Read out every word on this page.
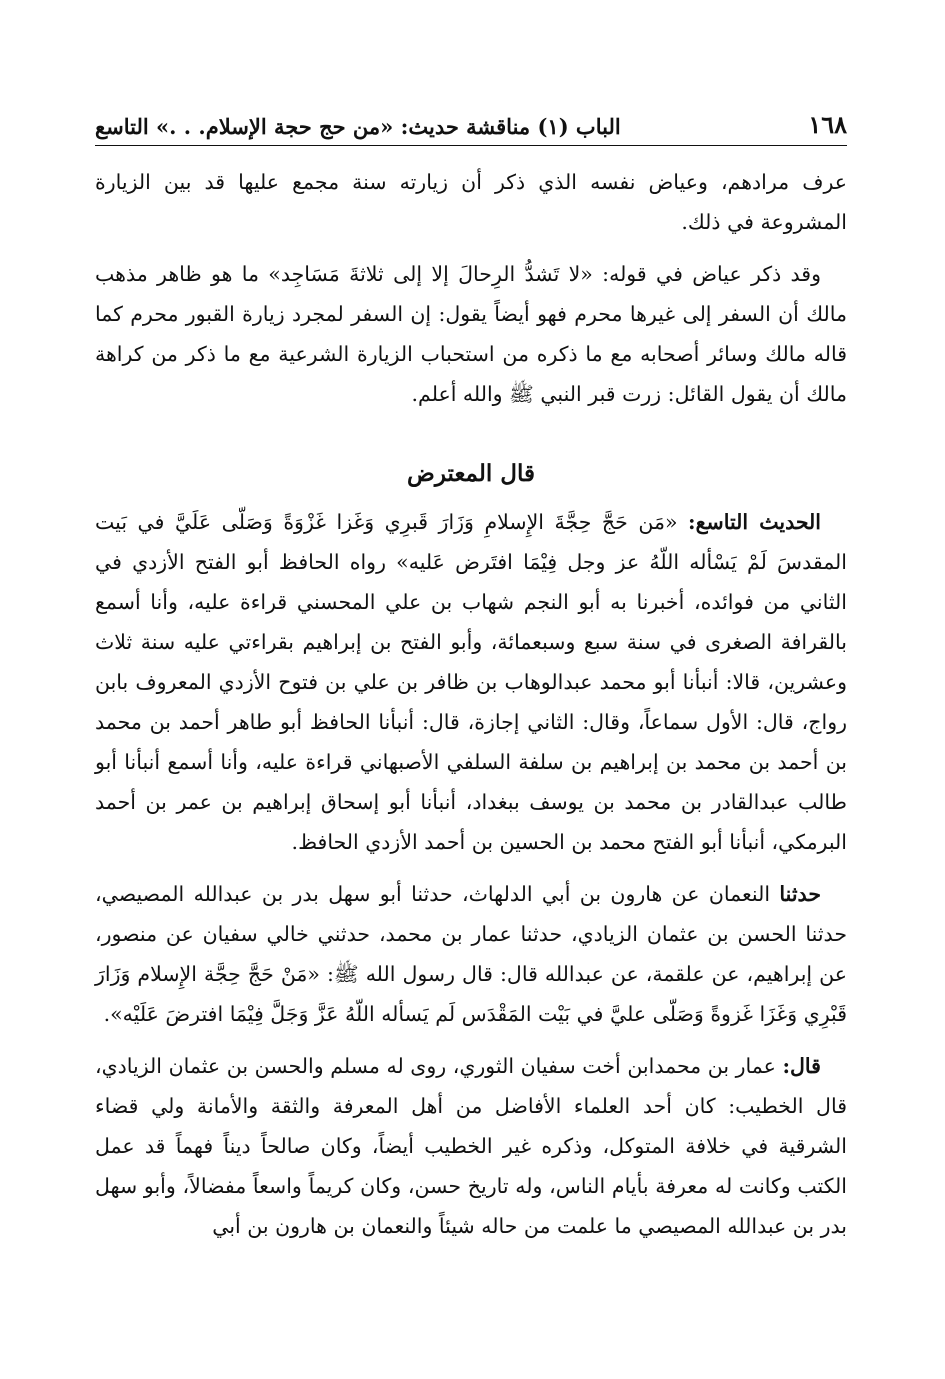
١٦٨
الباب (١) مناقشة حديث: «من حج حجة الإسلام. . .» التاسع

عرف مرادهم، وعياض نفسه الذي ذكر أن زيارته سنة مجمع عليها قد بين الزيارة المشروعة في ذلك.

وقد ذكر عياض في قوله: «لا تَشدُّ الرِحالَ إلا إلى ثلاثةَ مَسَاجِد» ما هو ظاهر مذهب مالك أن السفر إلى غيرها محرم فهو أيضاً يقول: إن السفر لمجرد زيارة القبور محرم كما قاله مالك وسائر أصحابه مع ما ذكره من استحباب الزيارة الشرعية مع ما ذكر من كراهة مالك أن يقول القائل: زرت قبر النبي ﷺ والله أعلم.

قال المعترض

الحديث التاسع: «مَن حَجَّ حِجَّةَ الإِسلامِ وَزَارَ قَبرِي وَغَزا غَزْوَةً وَصَلّى عَلَيَّ في بَيت المقدسَ لَمْ يَسْأله اللّهُ عز وجل فِيْمَا افتَرض عَليه» رواه الحافظ أبو الفتح الأزدي في الثاني من فوائده، أخبرنا به أبو النجم شهاب بن علي المحسني قراءة عليه، وأنا أسمع بالقرافة الصغرى في سنة سبع وسبعمائة، وأبو الفتح بن إبراهيم بقراءتي عليه سنة ثلاث وعشرين، قالا: أنبأنا أبو محمد عبدالوهاب بن ظافر بن علي بن فتوح الأزدي المعروف بابن رواج، قال: الأول سماعاً، وقال: الثاني إجازة، قال: أنبأنا الحافظ أبو طاهر أحمد بن محمد بن أحمد بن محمد بن إبراهيم بن سلفة السلفي الأصبهاني قراءة عليه، وأنا أسمع أنبأنا أبو طالب عبدالقادر بن محمد بن يوسف ببغداد، أنبأنا أبو إسحاق إبراهيم بن عمر بن أحمد البرمكي، أنبأنا أبو الفتح محمد بن الحسين بن أحمد الأزدي الحافظ.

حدثنا النعمان عن هارون بن أبي الدلهاث، حدثنا أبو سهل بدر بن عبدالله المصيصي، حدثنا الحسن بن عثمان الزيادي، حدثنا عمار بن محمد، حدثني خالي سفيان عن منصور، عن إبراهيم، عن علقمة، عن عبدالله قال: قال رسول الله ﷺ: «مَنْ حَجَّ حِجَّة الإِسلام وَزَارَ قَبْرِي وَغَزَا غَزوةً وَصَلّى عليَّ في بَيْت المَقْدَس لَم يَسأله اللّهُ عَزَّ وَجَلَّ فِيْمَا افترضَ عَلَيْه».

قال: عمار بن محمدابن أخت سفيان الثوري، روى له مسلم والحسن بن عثمان الزيادي، قال الخطيب: كان أحد العلماء الأفاضل من أهل المعرفة والثقة والأمانة ولي قضاء الشرقية في خلافة المتوكل، وذكره غير الخطيب أيضاً، وكان صالحاً ديناً فهماً قد عمل الكتب وكانت له معرفة بأيام الناس، وله تاريخ حسن، وكان كريماً واسعاً مفضالاً، وأبو سهل بدر بن عبدالله المصيصي ما علمت من حاله شيئاً والنعمان بن هارون بن أبي
